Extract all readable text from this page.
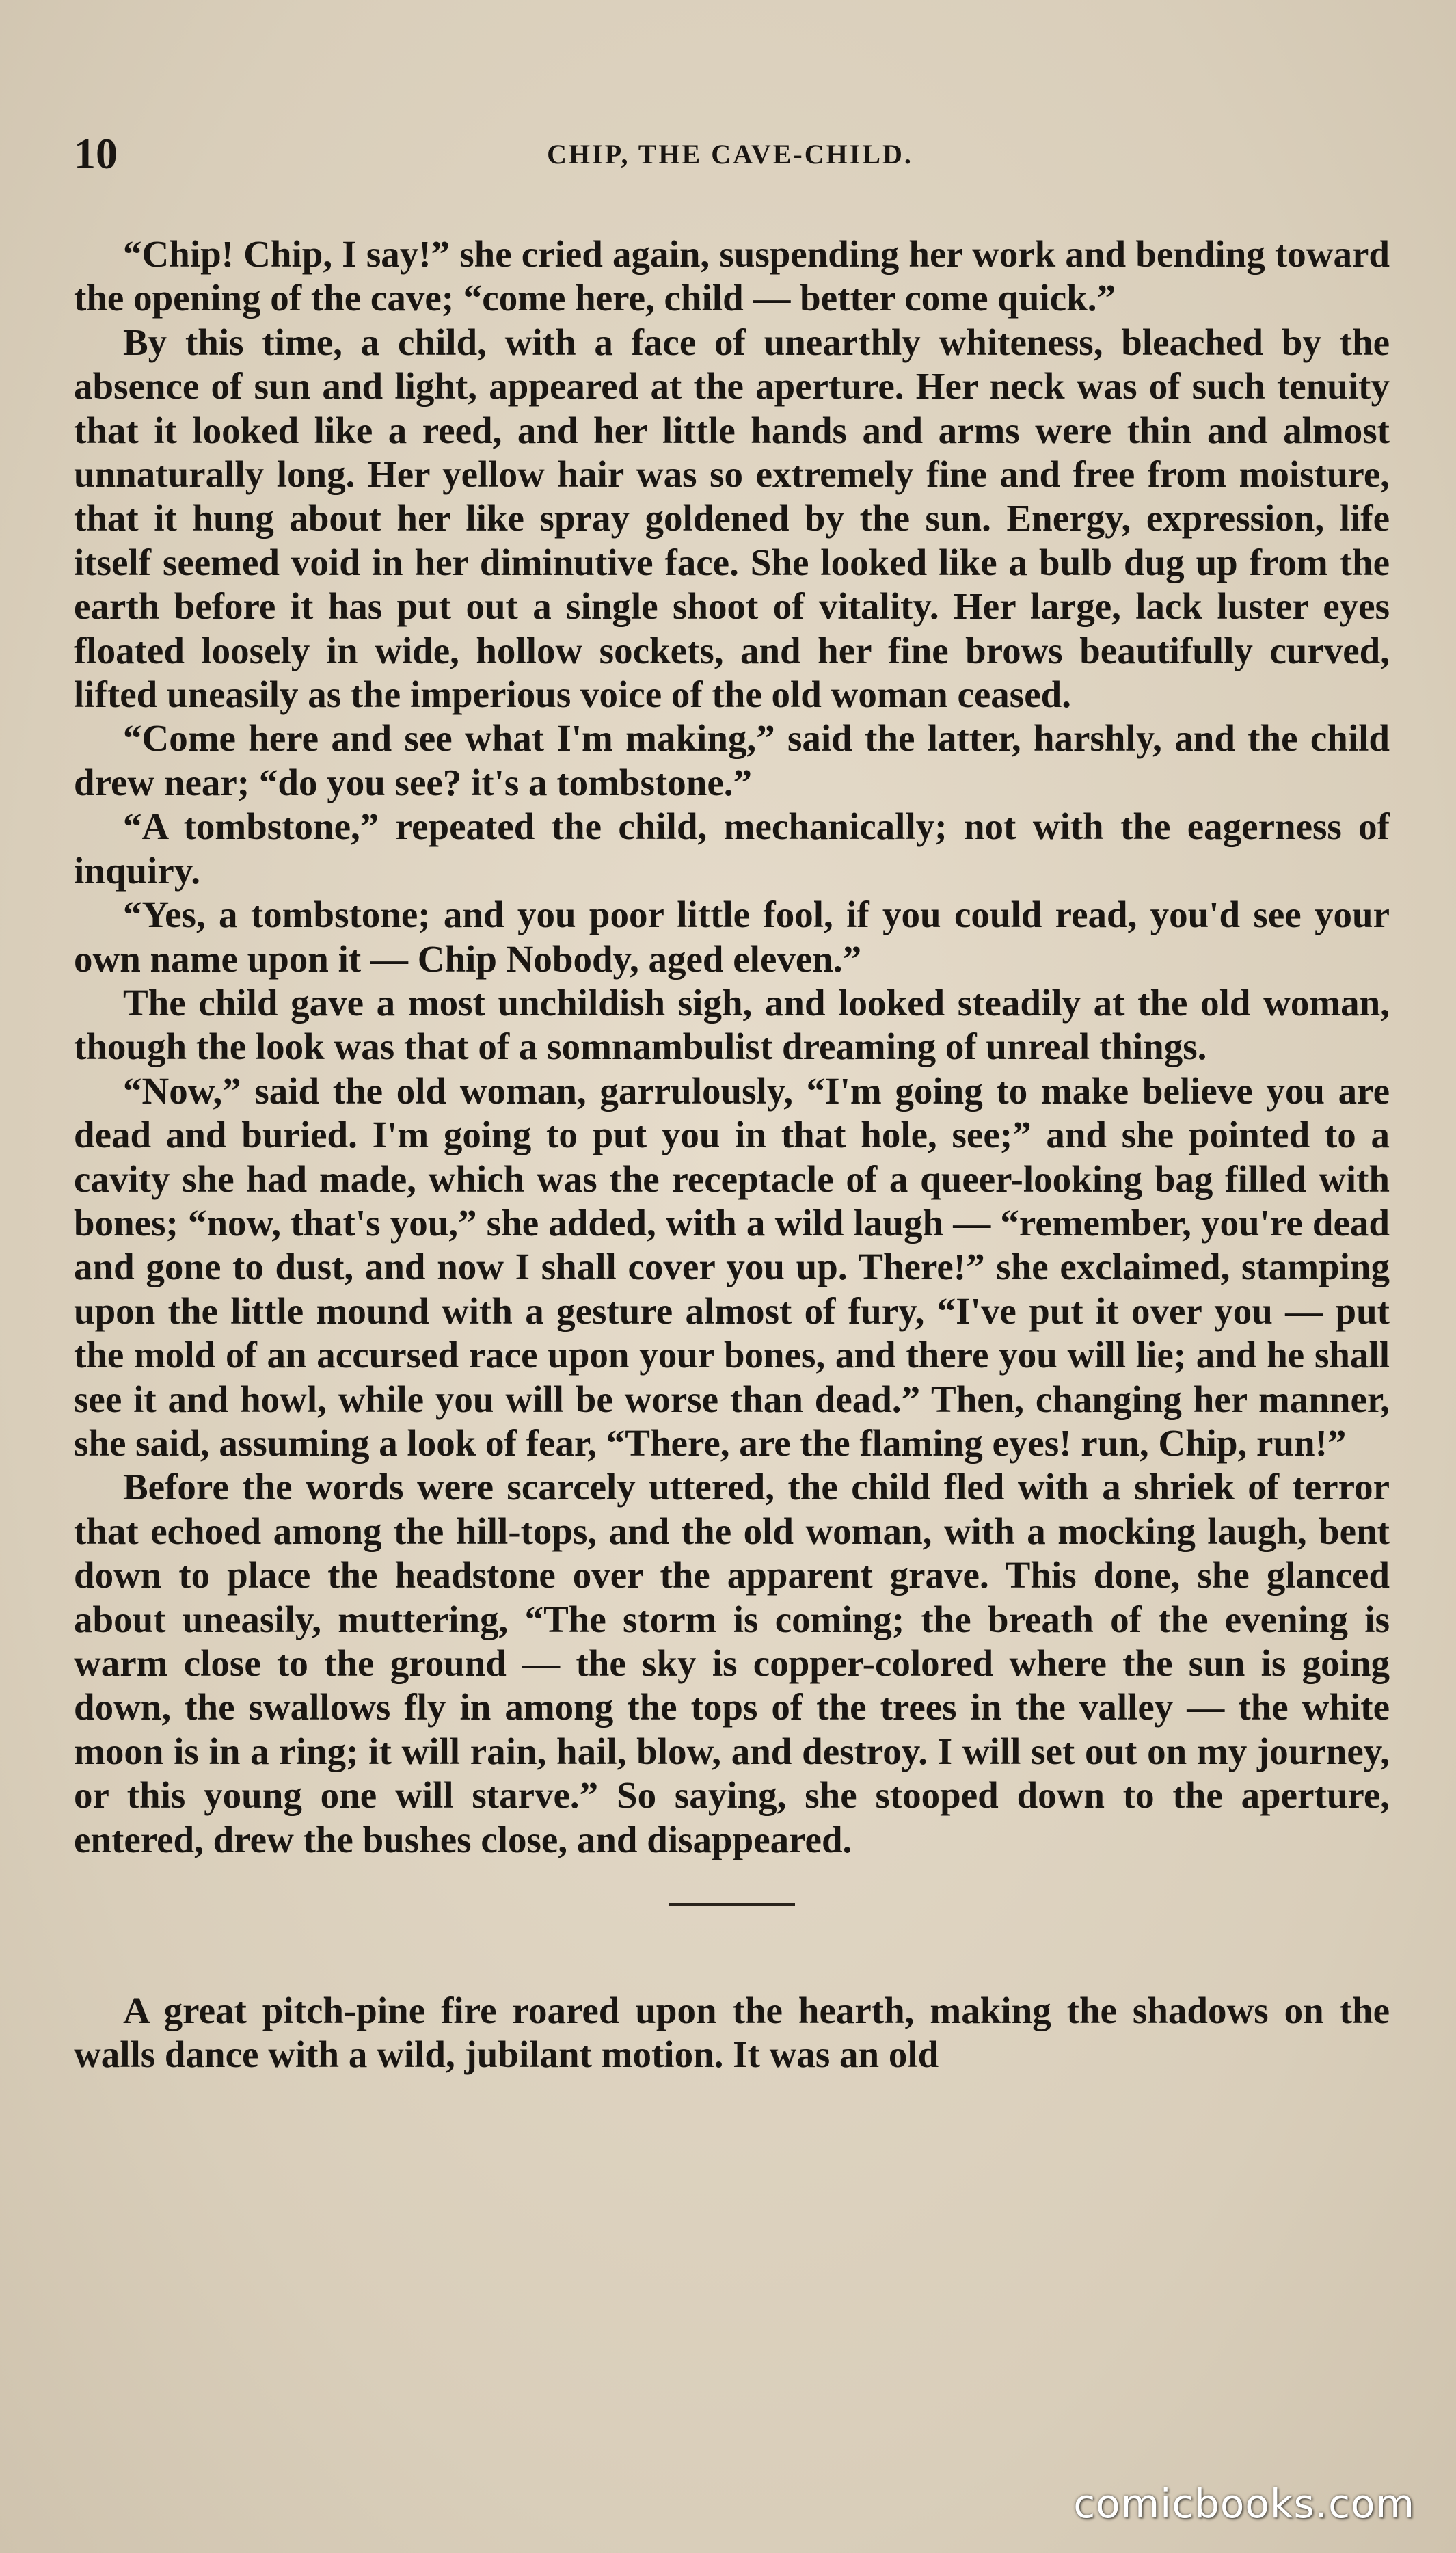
10	CHIP, THE CAVE-CHILD.

“Chip! Chip, I say!” she cried again, suspending her work and bending toward the opening of the cave; “come here, child — better come quick.”

By this time, a child, with a face of unearthly whiteness, bleached by the absence of sun and light, appeared at the aperture. Her neck was of such tenuity that it looked like a reed, and her little hands and arms were thin and almost unnaturally long. Her yellow hair was so extremely fine and free from moisture, that it hung about her like spray goldened by the sun. Energy, expression, life itself seemed void in her diminutive face. She looked like a bulb dug up from the earth before it has put out a single shoot of vitality. Her large, lack luster eyes floated loosely in wide, hollow sockets, and her fine brows beautifully curved, lifted uneasily as the imperious voice of the old woman ceased.

“Come here and see what I'm making,” said the latter, harshly, and the child drew near; “do you see? it's a tombstone.”

“A tombstone,” repeated the child, mechanically; not with the eagerness of inquiry.

“Yes, a tombstone; and you poor little fool, if you could read, you'd see your own name upon it — Chip Nobody, aged eleven.”

The child gave a most unchildish sigh, and looked steadily at the old woman, though the look was that of a somnambulist dreaming of unreal things.

“Now,” said the old woman, garrulously, “I'm going to make believe you are dead and buried. I'm going to put you in that hole, see;” and she pointed to a cavity she had made, which was the receptacle of a queer-looking bag filled with bones; “now, that's you,” she added, with a wild laugh — “remember, you're dead and gone to dust, and now I shall cover you up. There!” she exclaimed, stamping upon the little mound with a gesture almost of fury, “I've put it over you — put the mold of an accursed race upon your bones, and there you will lie; and he shall see it and howl, while you will be worse than dead.” Then, changing her manner, she said, assuming a look of fear, “There, are the flaming eyes! run, Chip, run!”

Before the words were scarcely uttered, the child fled with a shriek of terror that echoed among the hill-tops, and the old woman, with a mocking laugh, bent down to place the headstone over the apparent grave. This done, she glanced about uneasily, muttering, “The storm is coming; the breath of the evening is warm close to the ground — the sky is copper-colored where the sun is going down, the swallows fly in among the tops of the trees in the valley — the white moon is in a ring; it will rain, hail, blow, and destroy. I will set out on my journey, or this young one will starve.” So saying, she stooped down to the aperture, entered, drew the bushes close, and disappeared.

A great pitch-pine fire roared upon the hearth, making the shadows on the walls dance with a wild, jubilant motion. It was an old

comicbooks.com
